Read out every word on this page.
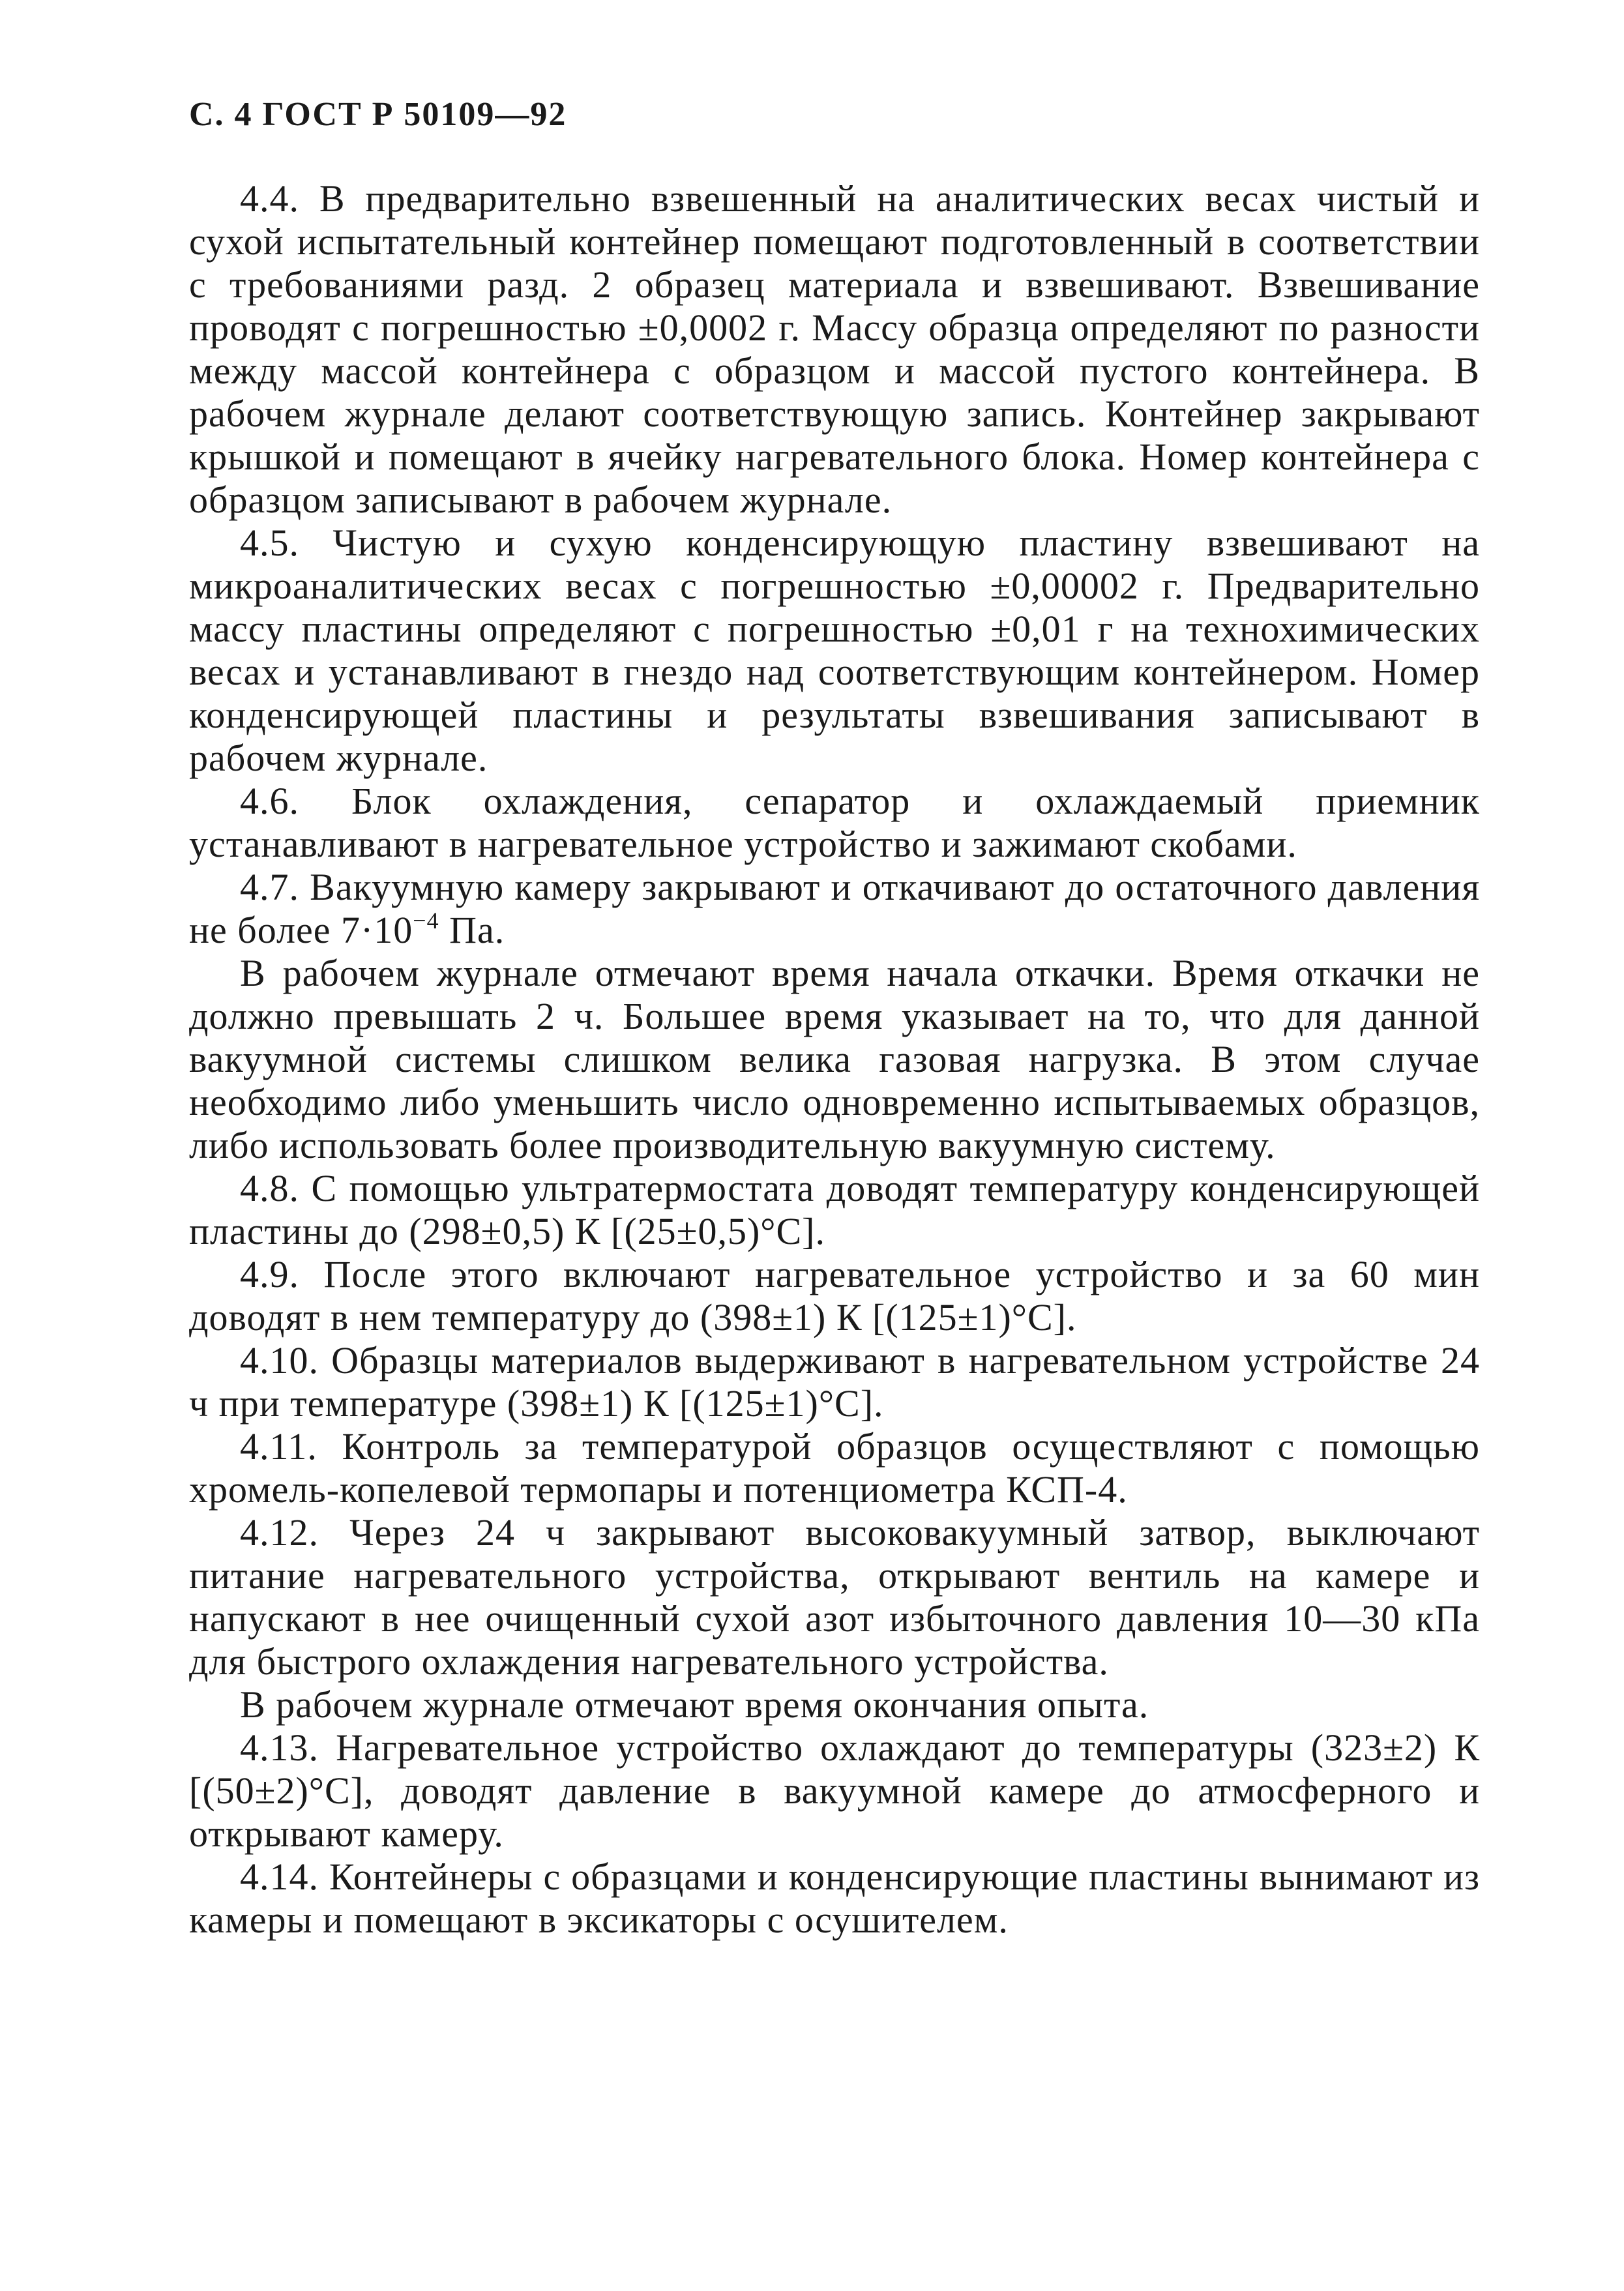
С. 4 ГОСТ Р 50109—92

4.4. В предварительно взвешенный на аналитических весах чистый и сухой испытательный контейнер помещают подготовленный в соответствии с требованиями разд. 2 образец материала и взвешивают. Взвешивание проводят с погрешностью ±0,0002 г. Массу образца определяют по разности между массой контейнера с образцом и массой пустого контейнера. В рабочем журнале делают соответствующую запись. Контейнер закрывают крышкой и помещают в ячейку нагревательного блока. Номер контейнера с образцом записывают в рабочем журнале.

4.5. Чистую и сухую конденсирующую пластину взвешивают на микроаналитических весах с погрешностью ±0,00002 г. Предварительно массу пластины определяют с погрешностью ±0,01 г на технохимических весах и устанавливают в гнездо над соответствующим контейнером. Номер конденсирующей пластины и результаты взвешивания записывают в рабочем журнале.

4.6. Блок охлаждения, сепаратор и охлаждаемый приемник устанавливают в нагревательное устройство и зажимают скобами.

4.7. Вакуумную камеру закрывают и откачивают до остаточного давления не более $7\cdot 10^{-4}$ Па.

В рабочем журнале отмечают время начала откачки. Время откачки не должно превышать 2 ч. Большее время указывает на то, что для данной вакуумной системы слишком велика газовая нагрузка. В этом случае необходимо либо уменьшить число одновременно испытываемых образцов, либо использовать более производительную вакуумную систему.

4.8. С помощью ультратермостата доводят температуру конденсирующей пластины до (298±0,5) К [(25±0,5)°С].

4.9. После этого включают нагревательное устройство и за 60 мин доводят в нем температуру до (398±1) К [(125±1)°С].

4.10. Образцы материалов выдерживают в нагревательном устройстве 24 ч при температуре (398±1) К [(125±1)°С].

4.11. Контроль за температурой образцов осуществляют с помощью хромель-копелевой термопары и потенциометра КСП-4.

4.12. Через 24 ч закрывают высоковакуумный затвор, выключают питание нагревательного устройства, открывают вентиль на камере и напускают в нее очищенный сухой азот избыточного давления 10—30 кПа для быстрого охлаждения нагревательного устройства.

В рабочем журнале отмечают время окончания опыта.

4.13. Нагревательное устройство охлаждают до температуры (323±2) К [(50±2)°С], доводят давление в вакуумной камере до атмосферного и открывают камеру.

4.14. Контейнеры с образцами и конденсирующие пластины вынимают из камеры и помещают в эксикаторы с осушителем.
